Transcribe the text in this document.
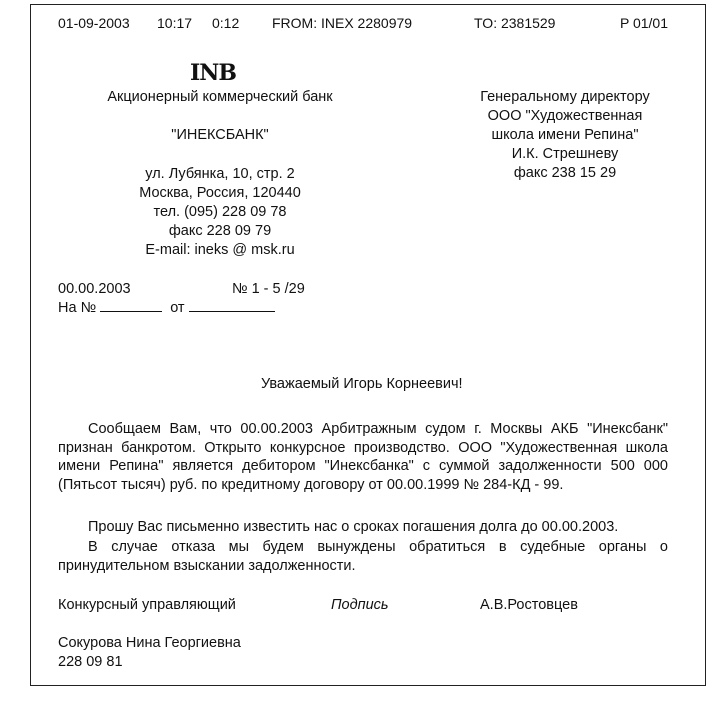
01-09-2003 10:17 0:12 FROM: INEX 2280979	TO: 2381529	P 01/01
INB
Акционерный коммерческий банк
"ИНЕКСБАНК"
ул. Лубянка, 10, стр. 2
Москва, Россия, 120440
тел. (095) 228 09 78
факс 228 09 79
E-mail: ineks @ msk.ru
Генеральному директору
ООО "Художественная
школа имени Репина"
И.К. Стрешневу
факс 238 15 29
00.00.2003	№ 1 - 5 /29
На №	от
Уважаемый Игорь Корнеевич!
Сообщаем Вам, что 00.00.2003 Арбитражным судом г. Москвы АКБ "Инексбанк" признан банкротом. Открыто конкурсное производство. ООО "Художественная школа имени Репина" является дебитором "Инексбанка" с суммой задолженности 500 000 (Пятьсот тысяч) руб. по кредитному договору от 00.00.1999 № 284-КД - 99.
Прошу Вас письменно известить нас о сроках погашения долга до 00.00.2003.
В случае отказа мы будем вынуждены обратиться в судебные органы о принудительном взыскании задолженности.
Конкурсный управляющий	Подпись	А.В.Ростовцев
Сокурова Нина Георгиевна
228 09 81
